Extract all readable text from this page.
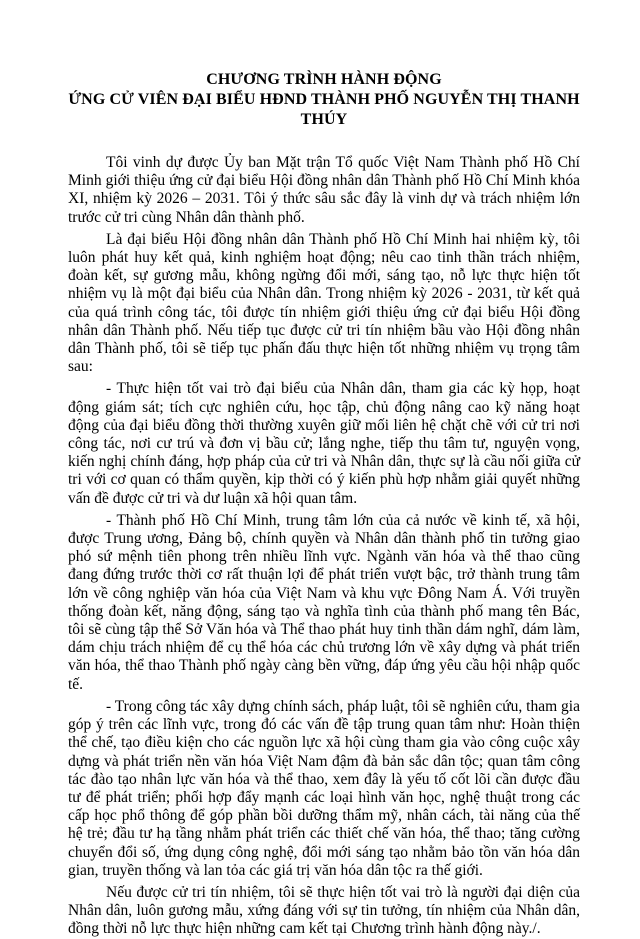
CHƯƠNG TRÌNH HÀNH ĐỘNG
ỨNG CỬ VIÊN ĐẠI BIỂU HĐND THÀNH PHỐ NGUYỄN THỊ THANH THÚY

Tôi vinh dự được Ủy ban Mặt trận Tổ quốc Việt Nam Thành phố Hồ Chí Minh giới thiệu ứng cử đại biểu Hội đồng nhân dân Thành phố Hồ Chí Minh khóa XI, nhiệm kỳ 2026 – 2031. Tôi ý thức sâu sắc đây là vinh dự và trách nhiệm lớn trước cử tri cùng Nhân dân thành phố.

Là đại biểu Hội đồng nhân dân Thành phố Hồ Chí Minh hai nhiệm kỳ, tôi luôn phát huy kết quả, kinh nghiệm hoạt động; nêu cao tinh thần trách nhiệm, đoàn kết, sự gương mẫu, không ngừng đổi mới, sáng tạo, nỗ lực thực hiện tốt nhiệm vụ là một đại biểu của Nhân dân. Trong nhiệm kỳ 2026 - 2031, từ kết quả của quá trình công tác, tôi được tín nhiệm giới thiệu ứng cử đại biểu Hội đồng nhân dân Thành phố. Nếu tiếp tục được cử tri tín nhiệm bầu vào Hội đồng nhân dân Thành phố, tôi sẽ tiếp tục phấn đấu thực hiện tốt những nhiệm vụ trọng tâm sau:

- Thực hiện tốt vai trò đại biểu của Nhân dân, tham gia các kỳ họp, hoạt động giám sát; tích cực nghiên cứu, học tập, chủ động nâng cao kỹ năng hoạt động của đại biểu đồng thời thường xuyên giữ mối liên hệ chặt chẽ với cử tri nơi công tác, nơi cư trú và đơn vị bầu cử; lắng nghe, tiếp thu tâm tư, nguyện vọng, kiến nghị chính đáng, hợp pháp của cử tri và Nhân dân, thực sự là cầu nối giữa cử tri với cơ quan có thẩm quyền, kịp thời có ý kiến phù hợp nhằm giải quyết những vấn đề được cử tri và dư luận xã hội quan tâm.

- Thành phố Hồ Chí Minh, trung tâm lớn của cả nước về kinh tế, xã hội, được Trung ương, Đảng bộ, chính quyền và Nhân dân thành phố tin tưởng giao phó sứ mệnh tiên phong trên nhiều lĩnh vực. Ngành văn hóa và thể thao cũng đang đứng trước thời cơ rất thuận lợi để phát triển vượt bậc, trở thành trung tâm lớn về công nghiệp văn hóa của Việt Nam và khu vực Đông Nam Á. Với truyền thống đoàn kết, năng động, sáng tạo và nghĩa tình của thành phố mang tên Bác, tôi sẽ cùng tập thể Sở Văn hóa và Thể thao phát huy tinh thần dám nghĩ, dám làm, dám chịu trách nhiệm để cụ thể hóa các chủ trương lớn về xây dựng và phát triển văn hóa, thể thao Thành phố ngày càng bền vững, đáp ứng yêu cầu hội nhập quốc tế.

- Trong công tác xây dựng chính sách, pháp luật, tôi sẽ nghiên cứu, tham gia góp ý trên các lĩnh vực, trong đó các vấn đề tập trung quan tâm như: Hoàn thiện thể chế, tạo điều kiện cho các nguồn lực xã hội cùng tham gia vào công cuộc xây dựng và phát triển nền văn hóa Việt Nam đậm đà bản sắc dân tộc; quan tâm công tác đào tạo nhân lực văn hóa và thể thao, xem đây là yếu tố cốt lõi cần được đầu tư để phát triển; phối hợp đẩy mạnh các loại hình văn học, nghệ thuật trong các cấp học phổ thông để góp phần bồi dưỡng thẩm mỹ, nhân cách, tài năng của thế hệ trẻ; đầu tư hạ tầng nhằm phát triển các thiết chế văn hóa, thể thao; tăng cường chuyển đổi số, ứng dụng công nghệ, đổi mới sáng tạo nhằm bảo tồn văn hóa dân gian, truyền thống và lan tỏa các giá trị văn hóa dân tộc ra thế giới.

Nếu được cử tri tín nhiệm, tôi sẽ thực hiện tốt vai trò là người đại diện của Nhân dân, luôn gương mẫu, xứng đáng với sự tin tưởng, tín nhiệm của Nhân dân, đồng thời nỗ lực thực hiện những cam kết tại Chương trình hành động này./.
